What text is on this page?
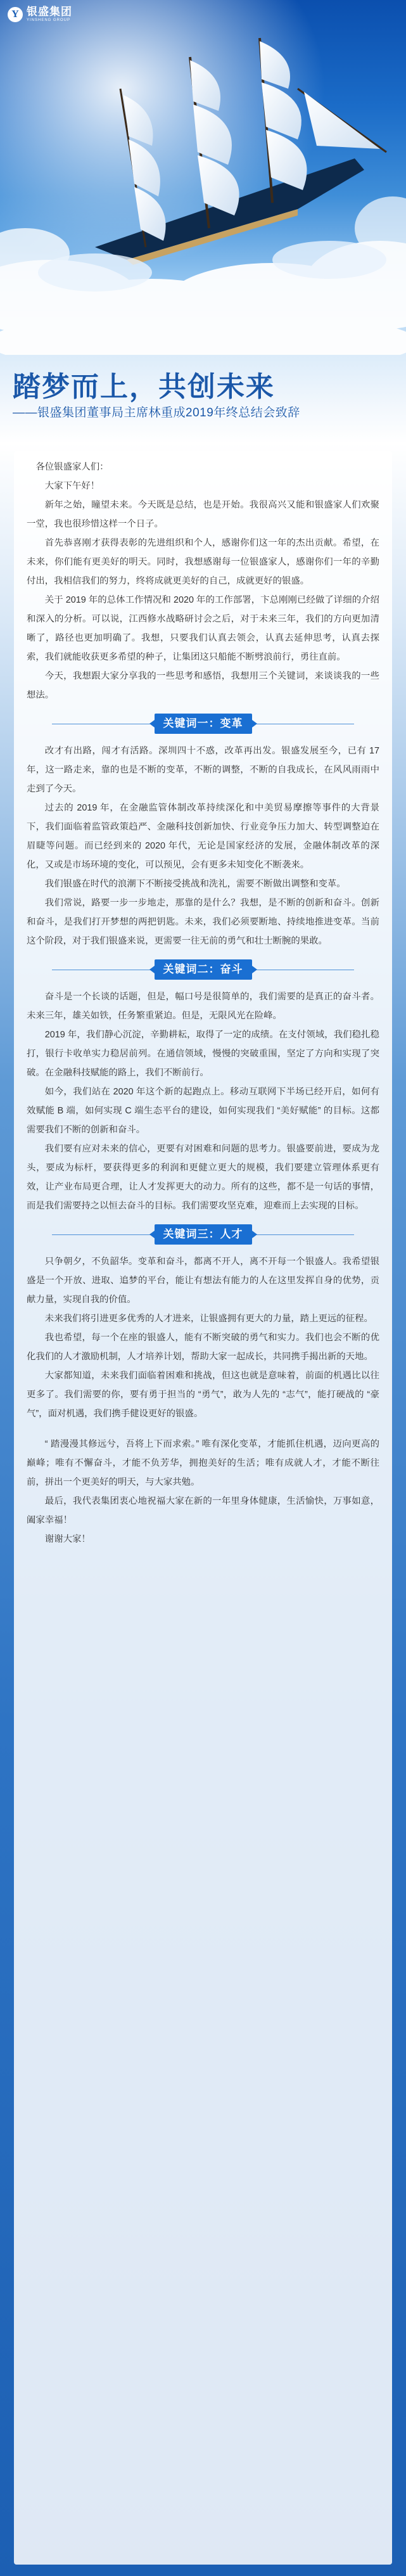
Y 银盛集团
YINSHENG GROUP
踏梦而上，共创未来
——银盛集团董事局主席林重成2019年终总结会致辞

各位银盛家人们：

大家下午好！

新年之始，瞳望未来。今天既是总结，也是开始。我很高兴又能和银盛家人们欢聚一堂，我也很珍惜这样一个日子。

首先恭喜刚才获得表彰的先进组织和个人，感谢你们这一年的杰出贡献。希望，在未来，你们能有更美好的明天。同时，我想感谢每一位银盛家人，感谢你们一年的辛勤付出，我相信我们的努力，终将成就更美好的自己，成就更好的银盛。

关于 2019 年的总体工作情况和 2020 年的工作部署，卞总刚刚已经做了详细的介绍和深入的分析。可以说，江西修水战略研讨会之后，对于未来三年，我们的方向更加清晰了，路径也更加明确了。我想，只要我们认真去领会，认真去延伸思考，认真去探索，我们就能收获更多希望的种子，让集团这只船能不断劈浪前行，勇往直前。

今天，我想跟大家分享我的一些思考和感悟，我想用三个关键词，来谈谈我的一些想法。

关键词一：变革

改才有出路，闯才有活路。深圳四十不惑，改革再出发。银盛发展至今，已有 17 年，这一路走来，靠的也是不断的变革，不断的调整，不断的自我成长，在风风雨雨中走到了今天。

过去的 2019 年，在金融监管体制改革持续深化和中美贸易摩擦等事件的大背景下，我们面临着监管政策趋严、金融科技创新加快、行业竞争压力加大、转型调整迫在眉睫等问题。而已经到来的 2020 年代，无论是国家经济的发展，金融体制改革的深化，又或是市场环境的变化，可以预见，会有更多未知变化不断袭来。

我们银盛在时代的浪潮下不断接受挑战和洗礼，需要不断做出调整和变革。

我们常说，路要一步一步地走，那靠的是什么？我想，是不断的创新和奋斗。创新和奋斗，是我们打开梦想的两把钥匙。未来，我们必须要断地、持续地推进变革。当前这个阶段，对于我们银盛来说，更需要一往无前的勇气和壮士断腕的果敢。

关键词二：奋斗

奋斗是一个长谈的话题，但是，幅口号是很简单的，我们需要的是真正的奋斗者。未来三年，雄关如铁，任务繁重紧迫。但是，无限风光在险峰。

2019 年，我们静心沉淀，辛勤耕耘，取得了一定的成绩。在支付领域，我们稳扎稳打，银行卡收单实力稳居前列。在通信领域，慢慢的突破重围，坚定了方向和实现了突破。在金融科技赋能的路上，我们不断前行。

如今，我们站在 2020 年这个新的起跑点上。移动互联网下半场已经开启，如何有效赋能 B 端，如何实现 C 端生态平台的建设，如何实现我们 “美好赋能” 的目标。这都需要我们不断的创新和奋斗。

我们要有应对未来的信心，更要有对困难和问题的思考力。银盛要前进，要成为龙头，要成为标杆，要获得更多的利润和更健立更大的规模，我们要建立管理体系更有效，让产业布局更合理，让人才发挥更大的动力。所有的这些，都不是一句话的事情，而是我们需要持之以恒去奋斗的目标。我们需要攻坚克难，迎难而上去实现的目标。

关键词三：人才

只争朝夕，不负韶华。变革和奋斗，都离不开人，离不开每一个银盛人。我希望银盛是一个开放、进取、追梦的平台，能让有想法有能力的人在这里发挥自身的优势，贡献力量，实现自我的价值。

未来我们将引进更多优秀的人才进来，让银盛拥有更大的力量，踏上更远的征程。

我也希望，每一个在座的银盛人，能有不断突破的勇气和实力。我们也会不断的优化我们的人才激励机制，人才培养计划，帮助大家一起成长，共同携手揭出新的天地。

大家都知道，未来我们面临着困难和挑战，但这也就是意味着，前面的机遇比以往更多了。我们需要的你，要有勇于担当的 “勇气”，敢为人先的 “志气”，能打硬战的 “豪气”，面对机遇，我们携手健设更好的银盛。

“ 踏漫漫其修远兮，吾将上下而求索。” 唯有深化变革，才能抓住机遇，迈向更高的巅峰；唯有不懈奋斗，才能不负芳华，拥抱美好的生活；唯有成就人才，才能不断往前，拼出一个更美好的明天，与大家共勉。

最后，我代表集团衷心地祝福大家在新的一年里身体健康，生活愉快，万事如意，阖家幸福！

谢谢大家！
